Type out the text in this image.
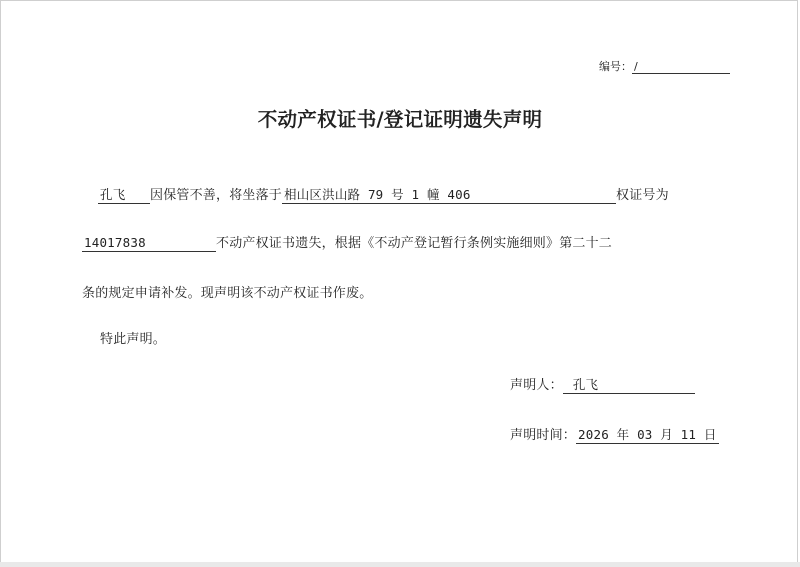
编号： /
不动产权证书/登记证明遗失声明
孔飞 因保管不善，将坐落于 相山区洪山路 79 号 1 幢 406	权证号为
14017838	不动产权证书遗失，根据《不动产登记暂行条例实施细则》第二十二
条的规定申请补发。现声明该不动产权证书作废。
特此声明。
声明人： 孔飞
声明时间： 2026 年 03 月 11 日
